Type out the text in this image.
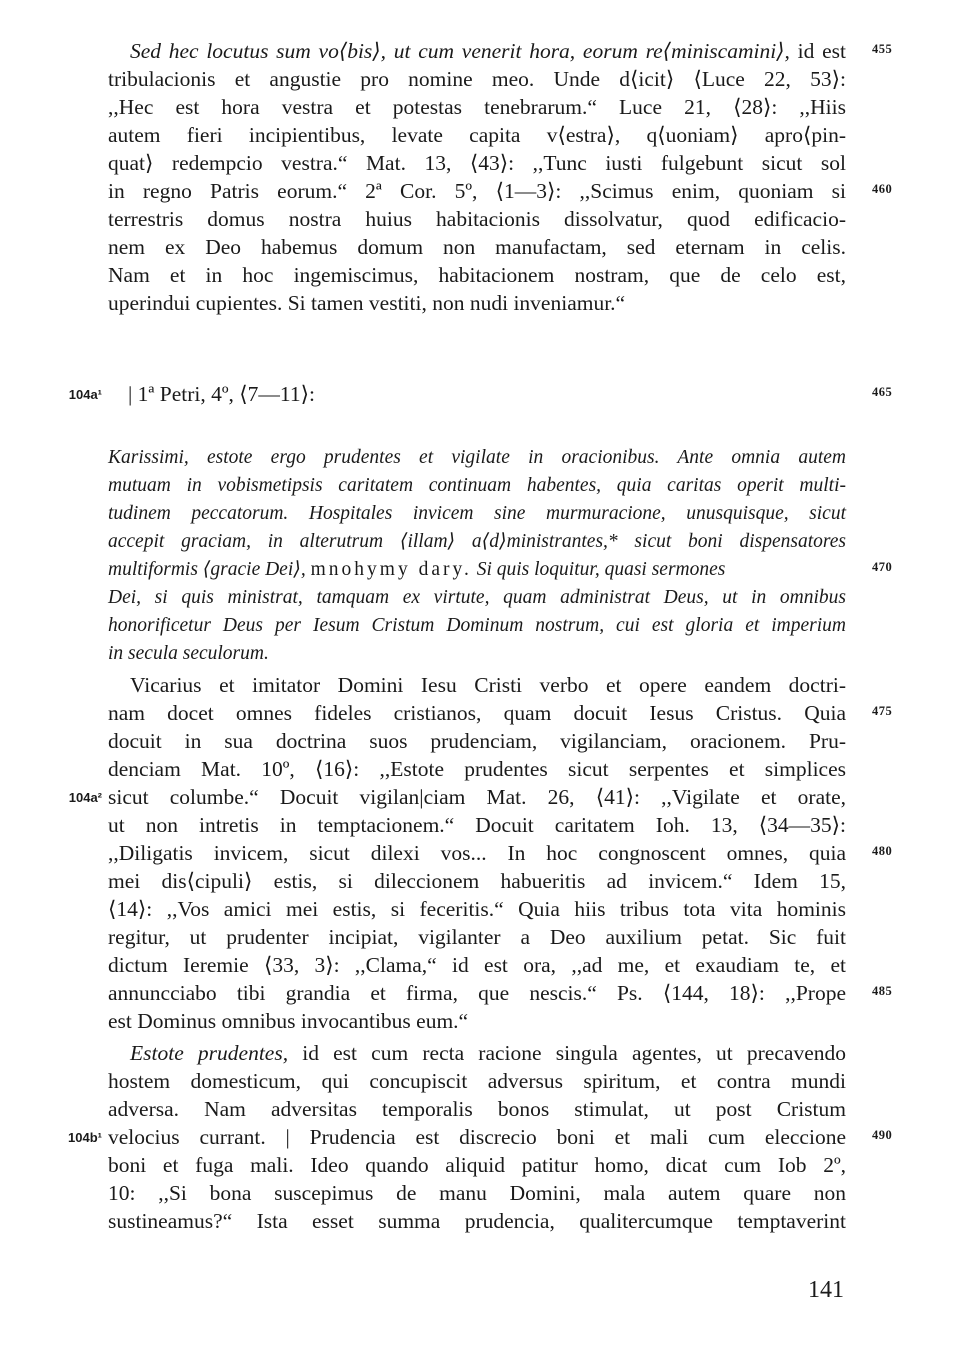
Sed hec locutus sum vo⟨bis⟩, ut cum venerit hora, eorum re⟨miniscamini⟩, id est
tribulacionis et angustie pro nomine meo. Unde d⟨icit⟩ ⟨Luce 22, 53⟩:
,,Hec est hora vestra et potestas tenebrarum.“ Luce 21, ⟨28⟩: ,,Hiis
autem fieri incipientibus, levate capita v⟨estra⟩, q⟨uoniam⟩ apro⟨pin-
quat⟩ redempcio vestra.“ Mat. 13, ⟨43⟩: ,,Tunc iusti fulgebunt sicut sol
in regno Patris eorum.“ 2ª Cor. 5º, ⟨1—3⟩: ,,Scimus enim, quoniam si
terrestris domus nostra huius habitacionis dissolvatur, quod edificacio-
nem ex Deo habemus domum non manufactam, sed eternam in celis.
Nam et in hoc ingemiscimus, habitacionem nostram, que de celo est,
uperindui cupientes. Si tamen vestiti, non nudi inveniamur.“
| 1ª Petri, 4º, ⟨7—11⟩:
Karissimi, estote ergo prudentes et vigilate in oracionibus. Ante omnia autem
mutuam in vobismetipsis caritatem continuam habentes, quia caritas operit multi-
tudinem peccatorum. Hospitales invicem sine murmuracione, unusquisque, sicut
accepit graciam, in alterutrum ⟨illam⟩ a⟨d⟩ministrantes,* sicut boni dispensatores
multiformis ⟨gracie Dei⟩, mnohymy dary. Si quis loquitur, quasi sermones
Dei, si quis ministrat, tamquam ex virtute, quam administrat Deus, ut in omnibus
honorificetur Deus per Iesum Cristum Dominum nostrum, cui est gloria et imperium
in secula seculorum.
Vicarius et imitator Domini Iesu Cristi verbo et opere eandem doctri-
nam docet omnes fideles cristianos, quam docuit Iesus Cristus. Quia
docuit in sua doctrina suos prudenciam, vigilanciam, oracionem. Pru-
denciam Mat. 10º, ⟨16⟩: ,,Estote prudentes sicut serpentes et simplices
sicut columbe.“ Docuit vigilan|ciam Mat. 26, ⟨41⟩: ,,Vigilate et orate,
ut non intretis in temptacionem.“ Docuit caritatem Ioh. 13, ⟨34—35⟩:
,,Diligatis invicem, sicut dilexi vos... In hoc congnoscent omnes, quia
mei dis⟨cipuli⟩ estis, si dileccionem habueritis ad invicem.“ Idem 15,
⟨14⟩: ,,Vos amici mei estis, si feceritis.“ Quia hiis tribus tota vita hominis
regitur, ut prudenter incipiat, vigilanter a Deo auxilium petat. Sic fuit
dictum Ieremie ⟨33, 3⟩: ,,Clama,“ id est ora, ,,ad me, et exaudiam te, et
annuncciabo tibi grandia et firma, que nescis.“ Ps. ⟨144, 18⟩: ,,Prope
est Dominus omnibus invocantibus eum.“
Estote prudentes, id est cum recta racione singula agentes, ut precavendo
hostem domesticum, qui concupiscit adversus spiritum, et contra mundi
adversa. Nam adversitas temporalis bonos stimulat, ut post Cristum
velocius currant. | Prudencia est discrecio boni et mali cum eleccione
boni et fuga mali. Ideo quando aliquid patitur homo, dicat cum Iob 2º,
10: ,,Si bona suscepimus de manu Domini, mala autem quare non
sustineamus?“ Ista esset summa prudencia, qualitercumque temptaverint
455
460
465
470
475
480
485
490
104a¹
104a²
104b¹
141
